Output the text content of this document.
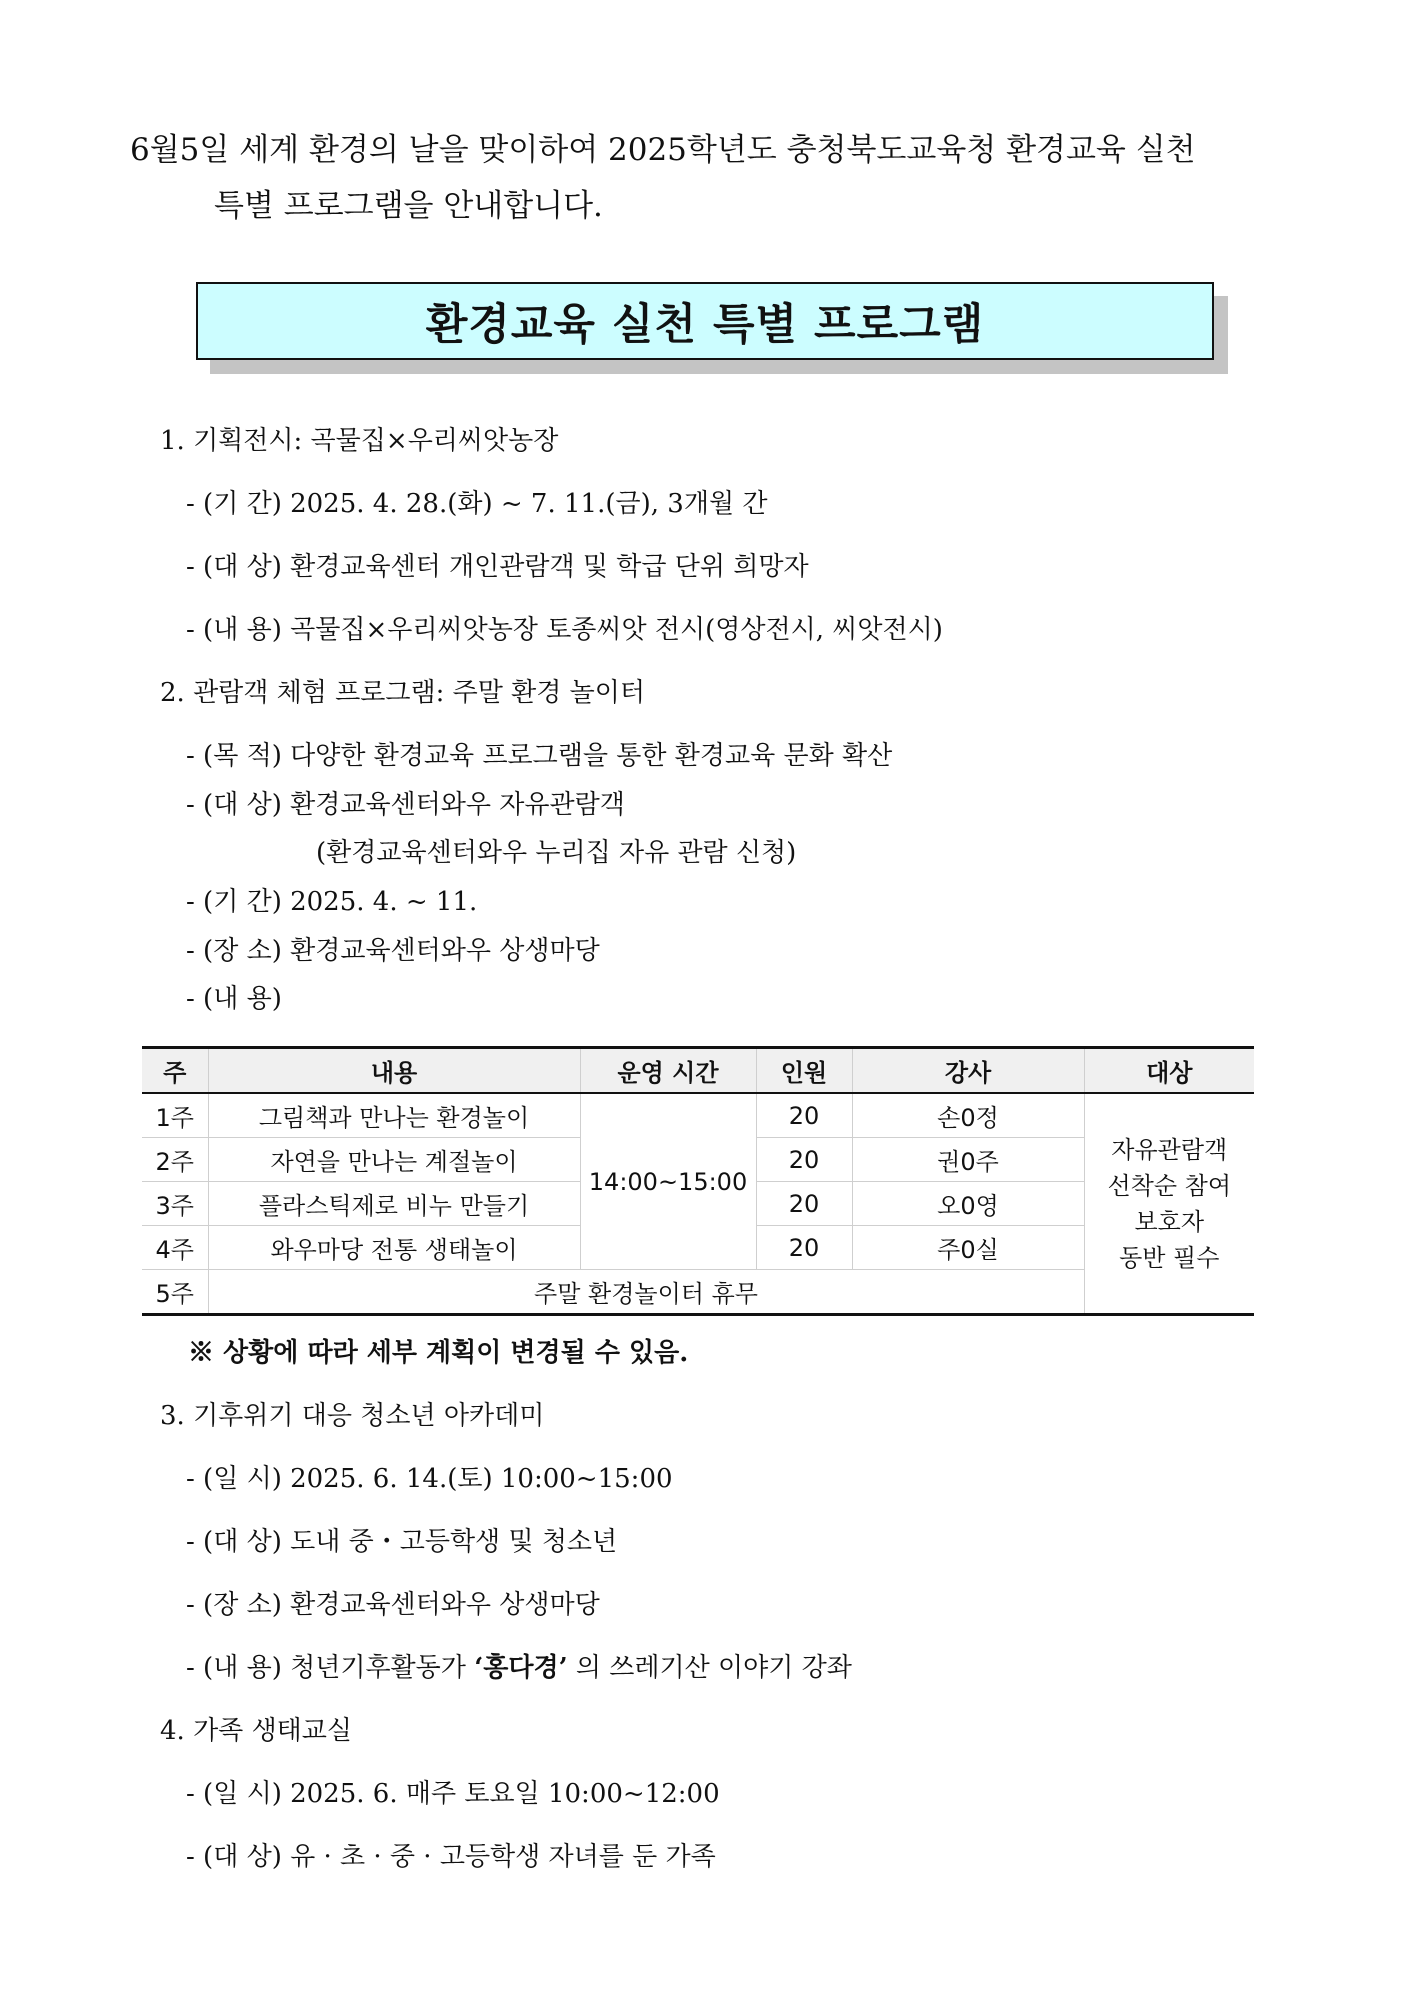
6월5일 세계 환경의 날을 맞이하여 2025학년도 충청북도교육청 환경교육 실천
특별 프로그램을 안내합니다.
환경교육 실천 특별 프로그램
1. 기획전시: 곡물집×우리씨앗농장
- (기 간) 2025. 4. 28.(화) ~ 7. 11.(금), 3개월 간
- (대 상) 환경교육센터 개인관람객 및 학급 단위 희망자
- (내 용) 곡물집×우리씨앗농장 토종씨앗 전시(영상전시, 씨앗전시)
2. 관람객 체험 프로그램: 주말 환경 놀이터
- (목 적) 다양한 환경교육 프로그램을 통한 환경교육 문화 확산
- (대 상) 환경교육센터와우 자유관람객
(환경교육센터와우 누리집 자유 관람 신청)
- (기 간) 2025. 4. ~ 11.
- (장 소) 환경교육센터와우 상생마당
- (내 용)
주	내용	운영 시간	인원	강사	대상
1주	그림책과 만나는 환경놀이	14:00~15:00	20	손0정	자유관람객
선착순 참여
보호자
동반 필수
2주	자연을 만나는 계절놀이		20	권0주	
3주	플라스틱제로 비누 만들기		20	오0영	
4주	와우마당 전통 생태놀이		20	주0실	
5주	주말 환경놀이터 휴무				
※ 상황에 따라 세부 계획이 변경될 수 있음.
3. 기후위기 대응 청소년 아카데미
- (일 시) 2025. 6. 14.(토) 10:00~15:00
- (대 상) 도내 중・고등학생 및 청소년
- (장 소) 환경교육센터와우 상생마당
- (내 용) 청년기후활동가 ‘홍다경’ 의 쓰레기산 이야기 강좌
4. 가족 생태교실
- (일 시) 2025. 6. 매주 토요일 10:00~12:00
- (대 상) 유 · 초 · 중 · 고등학생 자녀를 둔 가족
